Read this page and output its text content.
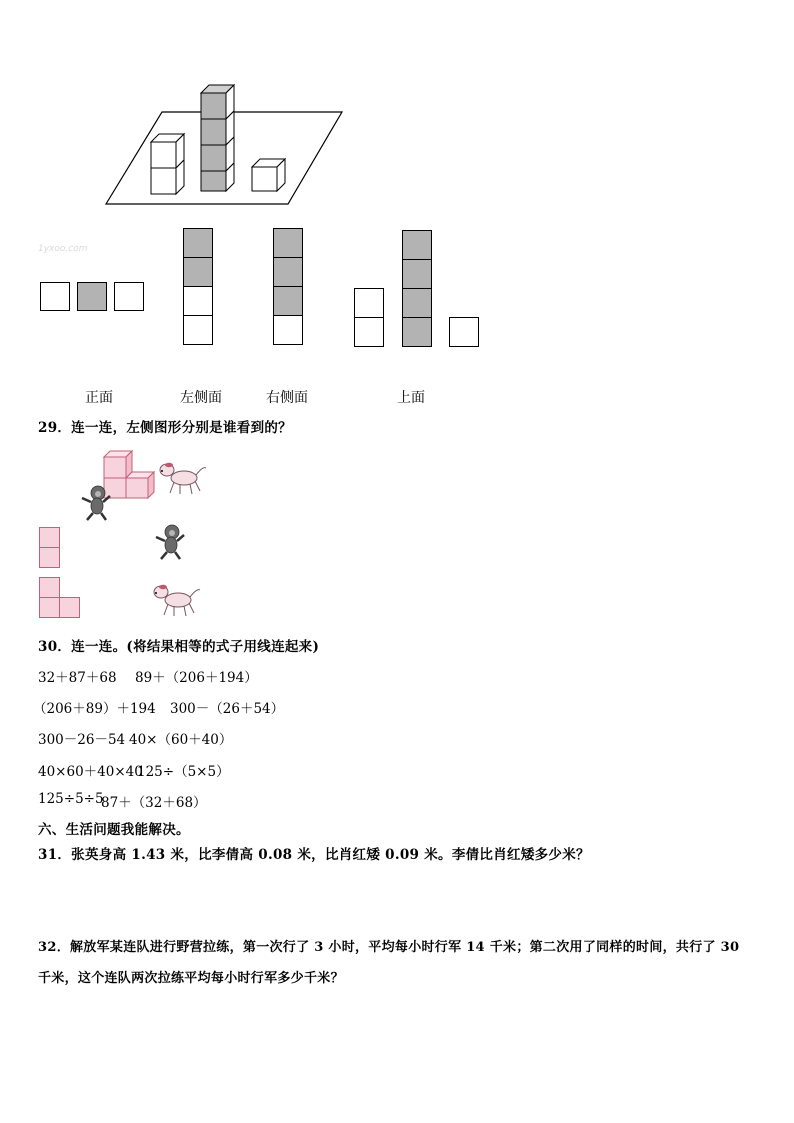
1yxoo.com
正面	左侧面	右侧面	上面
29．连一连，左侧图形分别是谁看到的？
30．连一连。(将结果相等的式子用线连起来)
32＋87＋68 89＋（206＋194）
（206＋89）＋194 300－（26＋54）
300－26－54 40×（60＋40）
40×60＋40×40
125÷（5×5）
125÷5÷5
87＋（32＋68）
六、生活问题我能解决。
31．张英身高 1.43 米，比李倩高 0.08 米，比肖红矮 0.09 米。李倩比肖红矮多少米？
32．解放军某连队进行野营拉练，第一次行了 3 小时，平均每小时行军 14 千米；第二次用了同样的时间，共行了 30
千米，这个连队两次拉练平均每小时行军多少千米？
